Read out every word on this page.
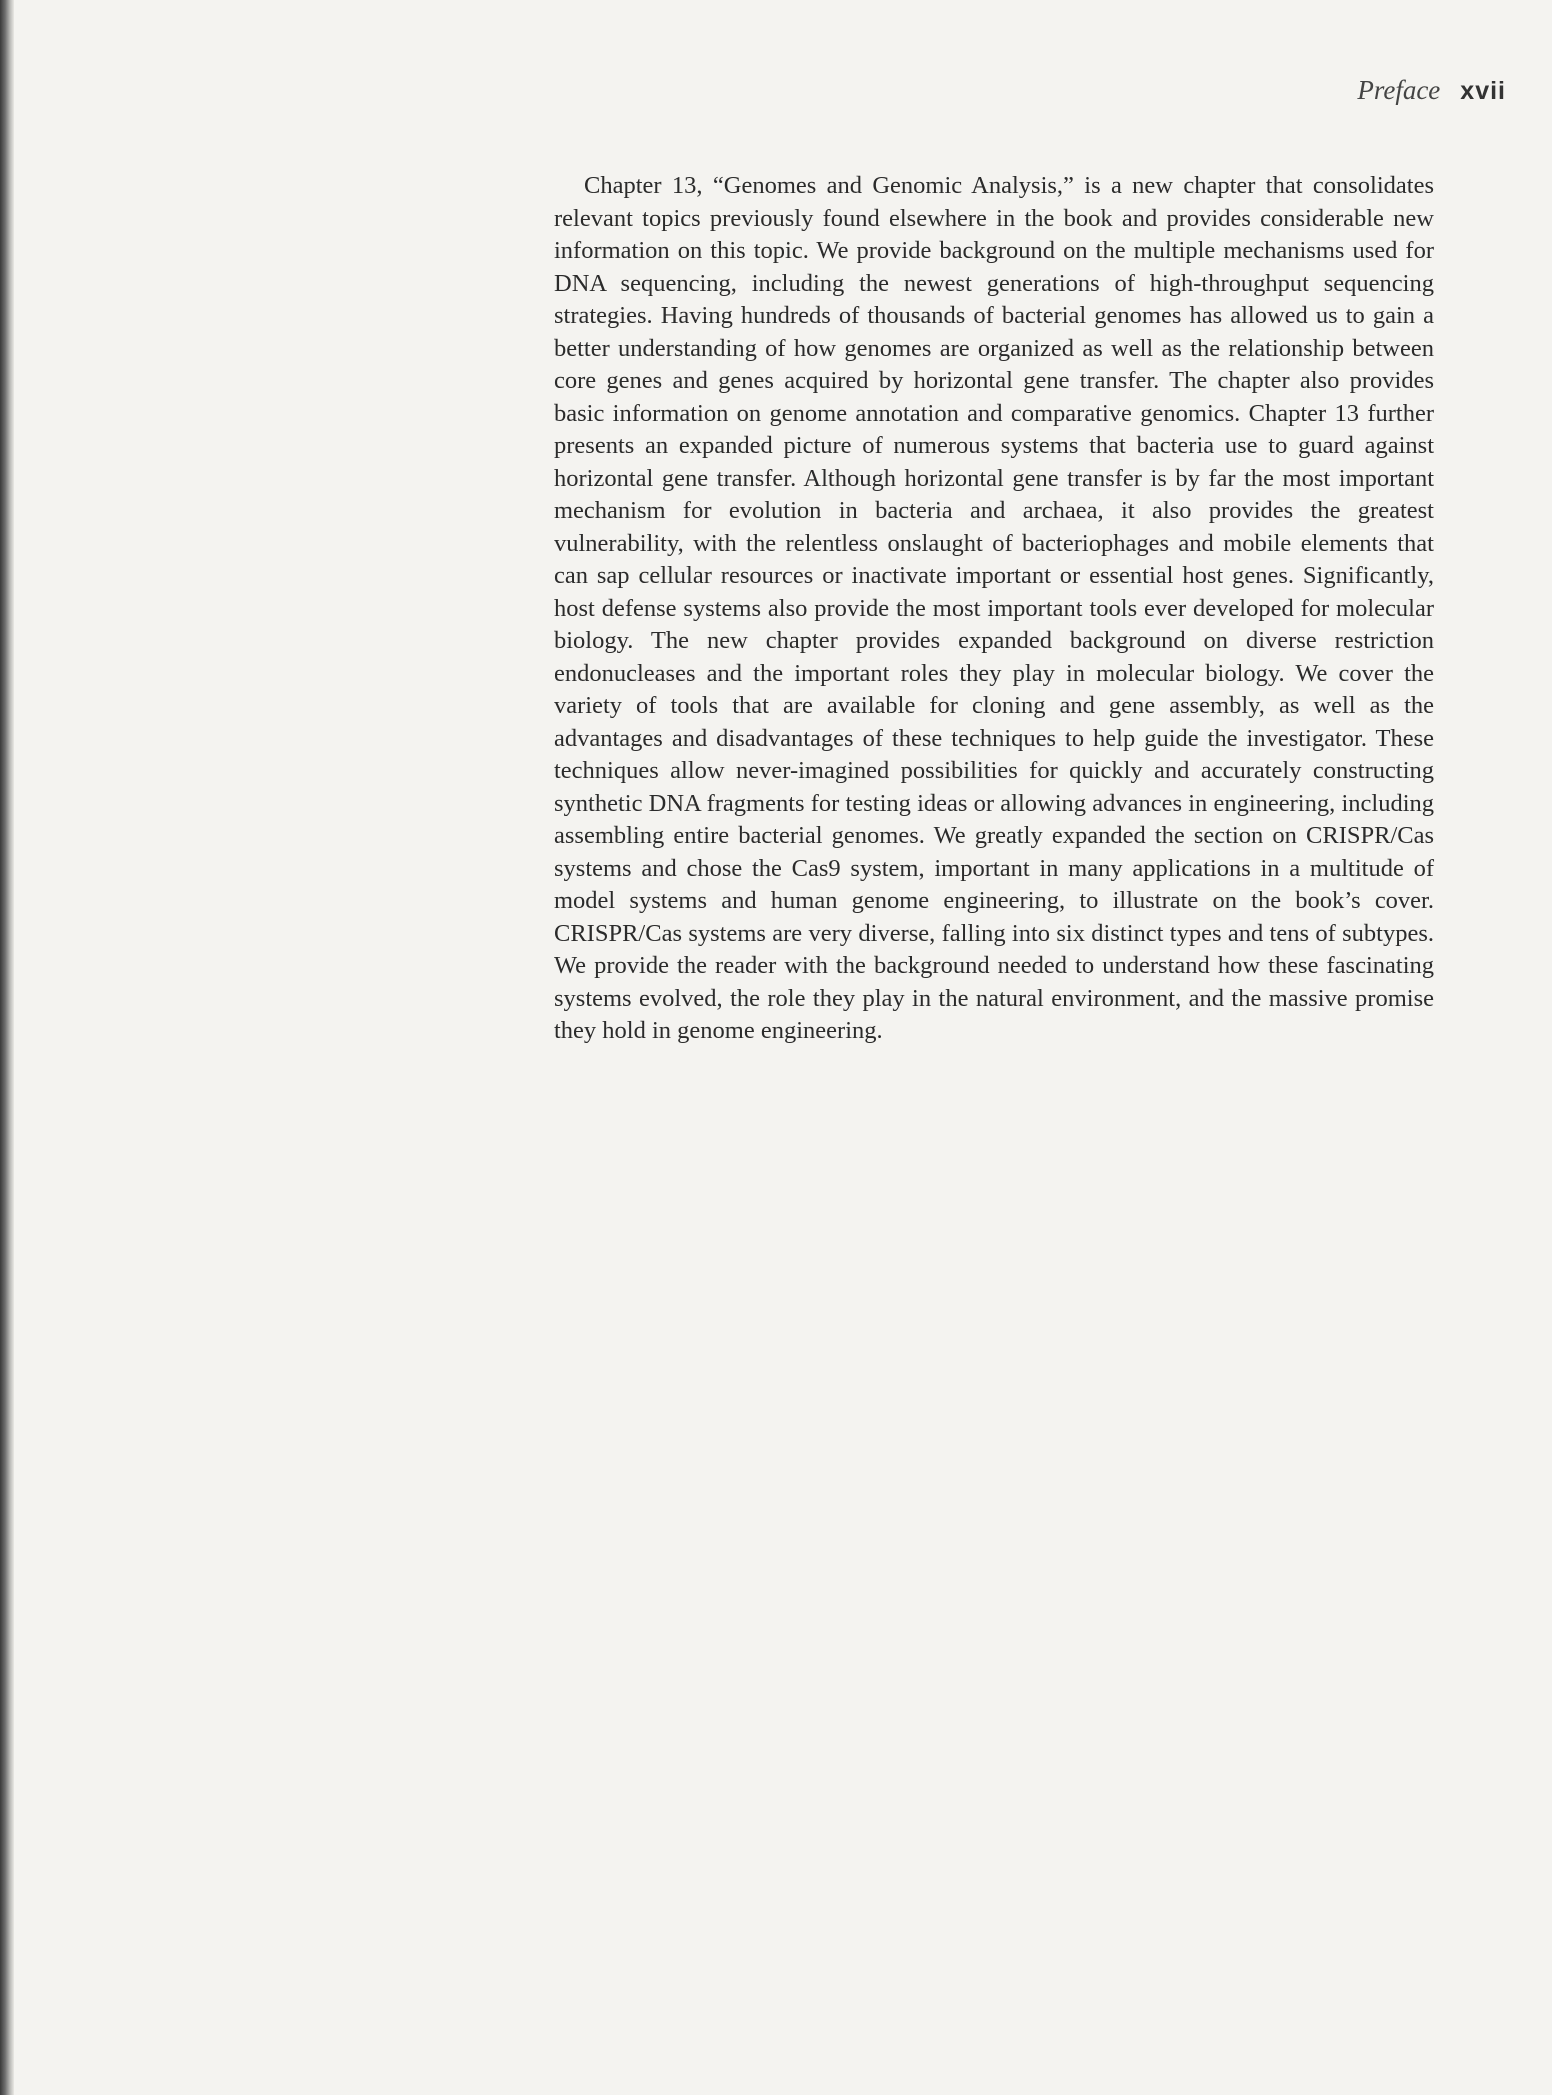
Preface xvii

Chapter 13, “Genomes and Genomic Analysis,” is a new chapter that consolidates relevant topics previously found elsewhere in the book and provides considerable new information on this topic. We provide background on the multiple mechanisms used for DNA sequencing, including the newest generations of high-throughput sequencing strategies. Having hundreds of thousands of bacterial genomes has allowed us to gain a better understanding of how genomes are organized as well as the relationship between core genes and genes acquired by horizontal gene transfer. The chapter also provides basic information on genome annotation and comparative genomics. Chapter 13 further presents an expanded picture of numerous systems that bacteria use to guard against horizontal gene transfer. Although horizontal gene transfer is by far the most important mechanism for evolution in bacteria and archaea, it also provides the greatest vulnerability, with the relentless onslaught of bacteriophages and mobile elements that can sap cellular resources or inactivate important or essential host genes. Significantly, host defense systems also provide the most important tools ever developed for molecular biology. The new chapter provides expanded background on diverse restriction endonucleases and the important roles they play in molecular biology. We cover the variety of tools that are available for cloning and gene assembly, as well as the advantages and disadvantages of these techniques to help guide the investigator. These techniques allow never-imagined possibilities for quickly and accurately constructing synthetic DNA fragments for testing ideas or allowing advances in engineering, including assembling entire bacterial genomes. We greatly expanded the section on CRISPR/Cas systems and chose the Cas9 system, important in many applications in a multitude of model systems and human genome engineering, to illustrate on the book’s cover. CRISPR/Cas systems are very diverse, falling into six distinct types and tens of subtypes. We provide the reader with the background needed to understand how these fascinating systems evolved, the role they play in the natural environment, and the massive promise they hold in genome engineering.
